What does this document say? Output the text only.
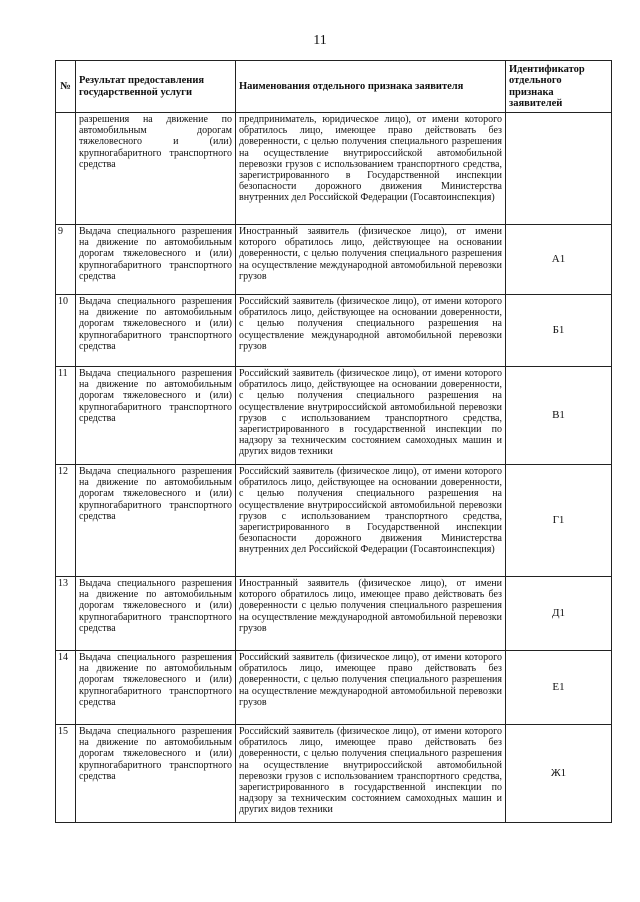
11
№	Результат предоставления государственной услуги	Наименования отдельного признака заявителя	Идентификатор отдельного признака заявителей
	разрешения на движение по автомобильным дорогам тяжеловесного и (или) крупногабаритного транспортного средства	предприниматель, юридическое лицо), от имени которого обратилось лицо, имеющее право действовать без доверенности, с целью получения специального разрешения на осуществление внутрироссийской автомобильной перевозки грузов с использованием транспортного средства, зарегистрированного в Государственной инспекции безопасности дорожного движения Министерства внутренних дел Российской Федерации (Госавтоинспекция)	
9	Выдача специального разрешения на движение по автомобильным дорогам тяжеловесного и (или) крупногабаритного транспортного средства	Иностранный заявитель (физическое лицо), от имени которого обратилось лицо, действующее на основании доверенности, с целью получения специального разрешения на осуществление международной автомобильной перевозки грузов	А1
10	Выдача специального разрешения на движение по автомобильным дорогам тяжеловесного и (или) крупногабаритного транспортного средства	Российский заявитель (физическое лицо), от имени которого обратилось лицо, действующее на основании доверенности, с целью получения специального разрешения на осуществление международной автомобильной перевозки грузов	Б1
11	Выдача специального разрешения на движение по автомобильным дорогам тяжеловесного и (или) крупногабаритного транспортного средства	Российский заявитель (физическое лицо), от имени которого обратилось лицо, действующее на основании доверенности, с целью получения специального разрешения на осуществление внутрироссийской автомобильной перевозки грузов с использованием транспортного средства, зарегистрированного в государственной инспекции по надзору за техническим состоянием самоходных машин и других видов техники	В1
12	Выдача специального разрешения на движение по автомобильным дорогам тяжеловесного и (или) крупногабаритного транспортного средства	Российский заявитель (физическое лицо), от имени которого обратилось лицо, действующее на основании доверенности, с целью получения специального разрешения на осуществление внутрироссийской автомобильной перевозки грузов с использованием транспортного средства, зарегистрированного в Государственной инспекции безопасности дорожного движения Министерства внутренних дел Российской Федерации (Госавтоинспекция)	Г1
13	Выдача специального разрешения на движение по автомобильным дорогам тяжеловесного и (или) крупногабаритного транспортного средства	Иностранный заявитель (физическое лицо), от имени которого обратилось лицо, имеющее право действовать без доверенности с целью получения специального разрешения на осуществление международной автомобильной перевозки грузов	Д1
14	Выдача специального разрешения на движение по автомобильным дорогам тяжеловесного и (или) крупногабаритного транспортного средства	Российский заявитель (физическое лицо), от имени которого обратилось лицо, имеющее право действовать без доверенности, с целью получения специального разрешения на осуществление международной автомобильной перевозки грузов	Е1
15	Выдача специального разрешения на движение по автомобильным дорогам тяжеловесного и (или) крупногабаритного транспортного средства	Российский заявитель (физическое лицо), от имени которого обратилось лицо, имеющее право действовать без доверенности, с целью получения специального разрешения на осуществление внутрироссийской автомобильной перевозки грузов с использованием транспортного средства, зарегистрированного в государственной инспекции по надзору за техническим состоянием самоходных машин и других видов техники	Ж1
